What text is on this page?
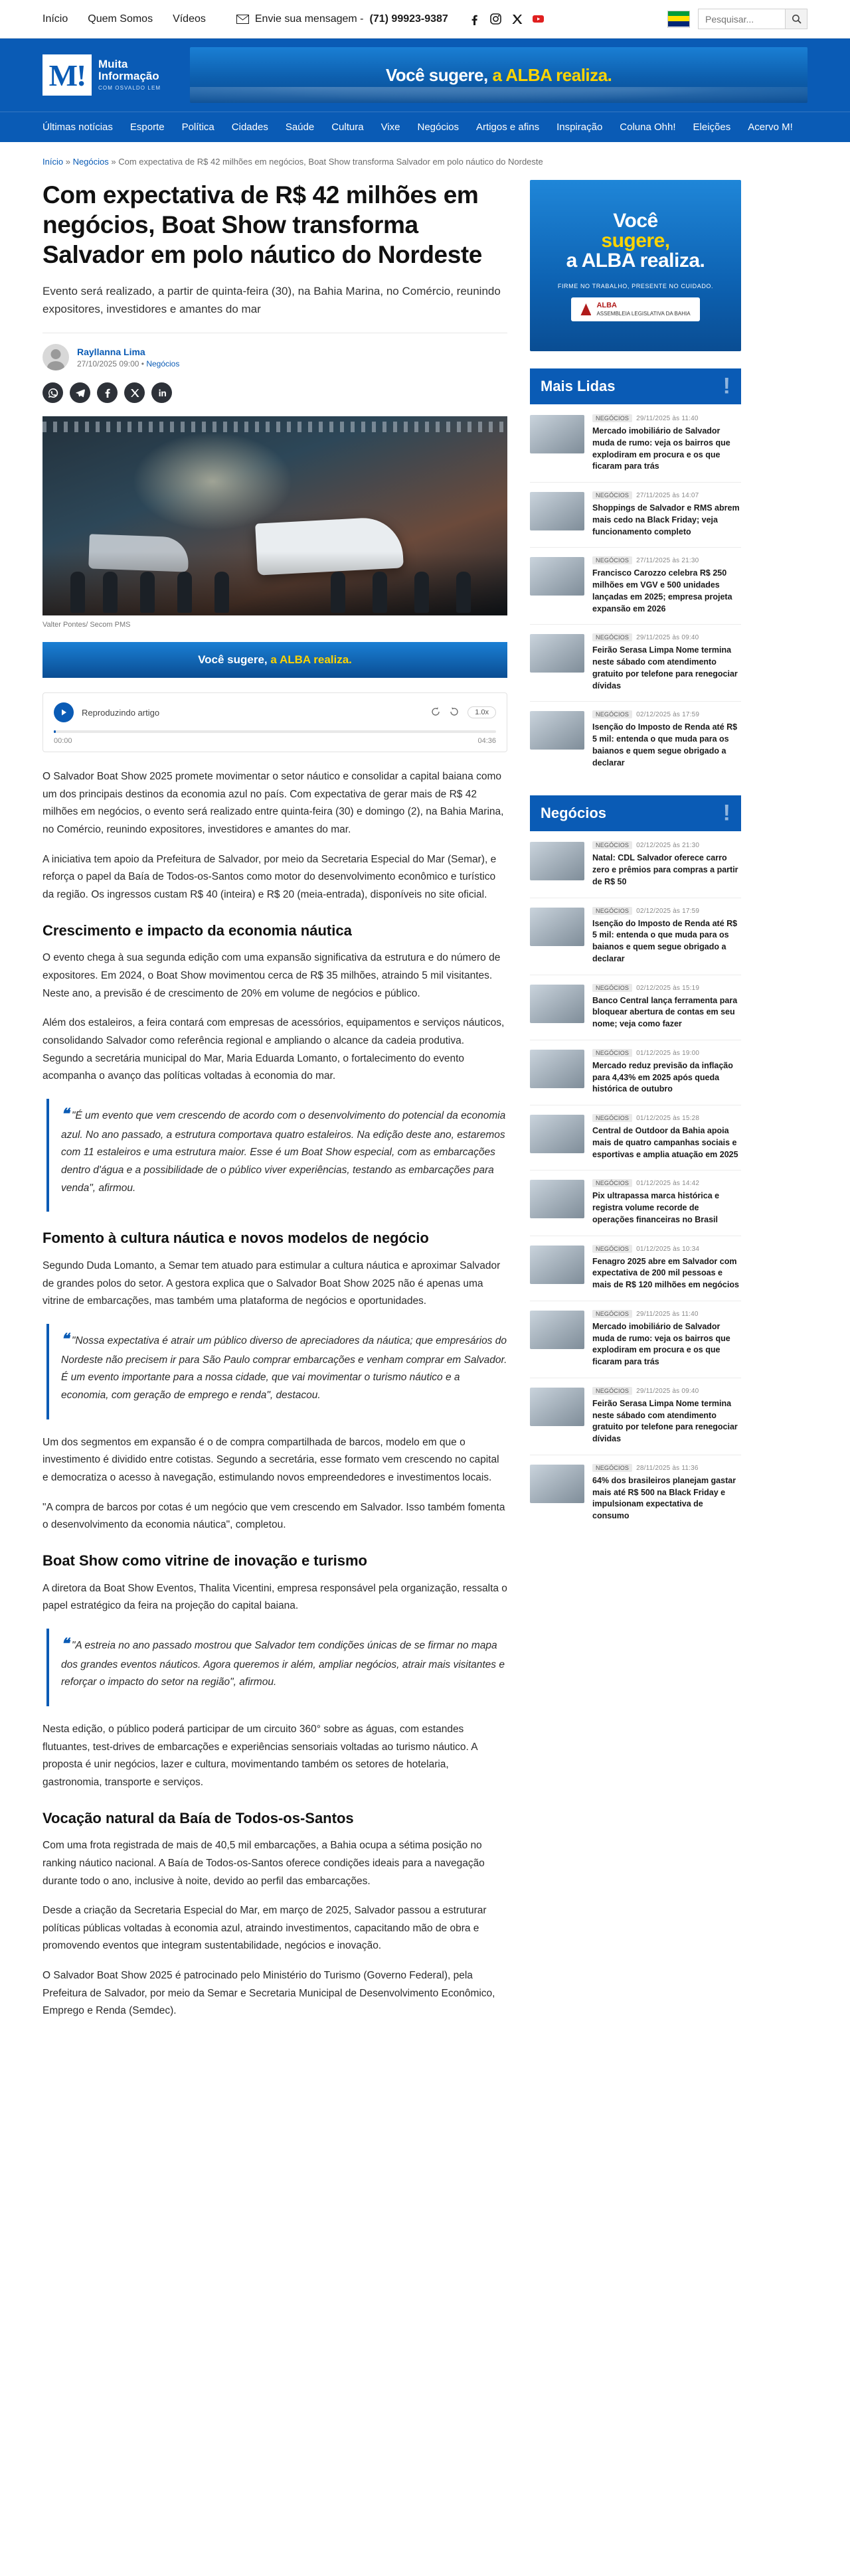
Início Quem Somos Vídeos	Envie sua mensagem - (71) 99923-9387
Pesquisar...
M!	Muita
Informação
COM OSVALDO LEM
Você sugere, a ALBA realiza.
Últimas notícias Esporte Política Cidades Saúde Cultura Vixe Negócios Artigos e afins Inspiração Coluna Ohh! Eleições Acervo M!
Início » Negócios » Com expectativa de R$ 42 milhões em negócios, Boat Show transforma Salvador em polo náutico do Nordeste
Com expectativa de R$ 42 milhões em negócios, Boat Show transforma Salvador em polo náutico do Nordeste
Evento será realizado, a partir de quinta-feira (30), na Bahia Marina, no Comércio, reunindo expositores, investidores e amantes do mar
Rayllanna Lima
27/10/2025 09:00 • Negócios
Valter Pontes/ Secom PMS
Você sugere,
a ALBA realiza.
Reproduzindo artigo	1.0x
00:00	04:36

O Salvador Boat Show 2025 promete movimentar o setor náutico e consolidar a capital baiana como um dos principais destinos da economia azul no país. Com expectativa de gerar mais de R$ 42 milhões em negócios, o evento será realizado entre quinta-feira (30) e domingo (2), na Bahia Marina, no Comércio, reunindo expositores, investidores e amantes do mar.

A iniciativa tem apoio da Prefeitura de Salvador, por meio da Secretaria Especial do Mar (Semar), e reforça o papel da Baía de Todos-os-Santos como motor do desenvolvimento econômico e turístico da região. Os ingressos custam R$ 40 (inteira) e R$ 20 (meia-entrada), disponíveis no site oficial.

Crescimento e impacto da economia náutica

O evento chega à sua segunda edição com uma expansão significativa da estrutura e do número de expositores. Em 2024, o Boat Show movimentou cerca de R$ 35 milhões, atraindo 5 mil visitantes. Neste ano, a previsão é de crescimento de 20% em volume de negócios e público.

Além dos estaleiros, a feira contará com empresas de acessórios, equipamentos e serviços náuticos, consolidando Salvador como referência regional e ampliando o alcance da cadeia produtiva. Segundo a secretária municipal do Mar, Maria Eduarda Lomanto, o fortalecimento do evento acompanha o avanço das políticas voltadas à economia do mar.

❝ "É um evento que vem crescendo de acordo com o desenvolvimento do potencial da economia azul. No ano passado, a estrutura comportava quatro estaleiros. Na edição deste ano, estaremos com 11 estaleiros e uma estrutura maior. Esse é um Boat Show especial, com as embarcações dentro d'água e a possibilidade de o público viver experiências, testando as embarcações para venda", afirmou.

Fomento à cultura náutica e novos modelos de negócio

Segundo Duda Lomanto, a Semar tem atuado para estimular a cultura náutica e aproximar Salvador de grandes polos do setor. A gestora explica que o Salvador Boat Show 2025 não é apenas uma vitrine de embarcações, mas também uma plataforma de negócios e oportunidades.

❝ "Nossa expectativa é atrair um público diverso de apreciadores da náutica; que empresários do Nordeste não precisem ir para São Paulo comprar embarcações e venham comprar em Salvador. É um evento importante para a nossa cidade, que vai movimentar o turismo náutico e a economia, com geração de emprego e renda", destacou.

Um dos segmentos em expansão é o de compra compartilhada de barcos, modelo em que o investimento é dividido entre cotistas. Segundo a secretária, esse formato vem crescendo no capital e democratiza o acesso à navegação, estimulando novos empreendedores e investimentos locais.

"A compra de barcos por cotas é um negócio que vem crescendo em Salvador. Isso também fomenta o desenvolvimento da economia náutica", completou.

Boat Show como vitrine de inovação e turismo

A diretora da Boat Show Eventos, Thalita Vicentini, empresa responsável pela organização, ressalta o papel estratégico da feira na projeção do capital baiana.

❝ "A estreia no ano passado mostrou que Salvador tem condições únicas de se firmar no mapa dos grandes eventos náuticos. Agora queremos ir além, ampliar negócios, atrair mais visitantes e reforçar o impacto do setor na região", afirmou.

Nesta edição, o público poderá participar de um circuito 360° sobre as águas, com estandes flutuantes, test-drives de embarcações e experiências sensoriais voltadas ao turismo náutico. A proposta é unir negócios, lazer e cultura, movimentando também os setores de hotelaria, gastronomia, transporte e serviços.

Vocação natural da Baía de Todos-os-Santos

Com uma frota registrada de mais de 40,5 mil embarcações, a Bahia ocupa a sétima posição no ranking náutico nacional. A Baía de Todos-os-Santos oferece condições ideais para a navegação durante todo o ano, inclusive à noite, devido ao perfil das embarcações.

Desde a criação da Secretaria Especial do Mar, em março de 2025, Salvador passou a estruturar políticas públicas voltadas à economia azul, atraindo investimentos, capacitando mão de obra e promovendo eventos que integram sustentabilidade, negócios e inovação.

O Salvador Boat Show 2025 é patrocinado pelo Ministério do Turismo (Governo Federal), pela Prefeitura de Salvador, por meio da Semar e Secretaria Municipal de Desenvolvimento Econômico, Emprego e Renda (Semdec).

Você
sugere,
a ALBA realiza.
FIRME NO TRABALHO, PRESENTE NO CUIDADO.
ALBA
ASSEMBLEIA LEGISLATIVA DA BAHIA
Mais Lidas	!
NEGÓCIOS 29/11/2025 às 11:40
Mercado imobiliário de Salvador muda de rumo: veja os bairros que explodiram em procura e os que ficaram para trás
NEGÓCIOS 27/11/2025 às 14:07
Shoppings de Salvador e RMS abrem mais cedo na Black Friday; veja funcionamento completo
NEGÓCIOS 27/11/2025 às 21:30
Francisco Carozzo celebra R$ 250 milhões em VGV e 500 unidades lançadas em 2025; empresa projeta expansão em 2026
NEGÓCIOS 29/11/2025 às 09:40
Feirão Serasa Limpa Nome termina neste sábado com atendimento gratuito por telefone para renegociar dívidas
NEGÓCIOS 02/12/2025 às 17:59
Isenção do Imposto de Renda até R$ 5 mil: entenda o que muda para os baianos e quem segue obrigado a declarar
Negócios	!
NEGÓCIOS 02/12/2025 às 21:30
Natal: CDL Salvador oferece carro zero e prêmios para compras a partir de R$ 50
NEGÓCIOS 02/12/2025 às 17:59
Isenção do Imposto de Renda até R$ 5 mil: entenda o que muda para os baianos e quem segue obrigado a declarar
NEGÓCIOS 02/12/2025 às 15:19
Banco Central lança ferramenta para bloquear abertura de contas em seu nome; veja como fazer
NEGÓCIOS 01/12/2025 às 19:00
Mercado reduz previsão da inflação para 4,43% em 2025 após queda histórica de outubro
NEGÓCIOS 01/12/2025 às 15:28
Central de Outdoor da Bahia apoia mais de quatro campanhas sociais e esportivas e amplia atuação em 2025
NEGÓCIOS 01/12/2025 às 14:42
Pix ultrapassa marca histórica e registra volume recorde de operações financeiras no Brasil
NEGÓCIOS 01/12/2025 às 10:34
Fenagro 2025 abre em Salvador com expectativa de 200 mil pessoas e mais de R$ 120 milhões em negócios
NEGÓCIOS 29/11/2025 às 11:40
Mercado imobiliário de Salvador muda de rumo: veja os bairros que explodiram em procura e os que ficaram para trás
NEGÓCIOS 29/11/2025 às 09:40
Feirão Serasa Limpa Nome termina neste sábado com atendimento gratuito por telefone para renegociar dívidas
NEGÓCIOS 28/11/2025 às 11:36
64% dos brasileiros planejam gastar mais até R$ 500 na Black Friday e impulsionam expectativa de consumo
